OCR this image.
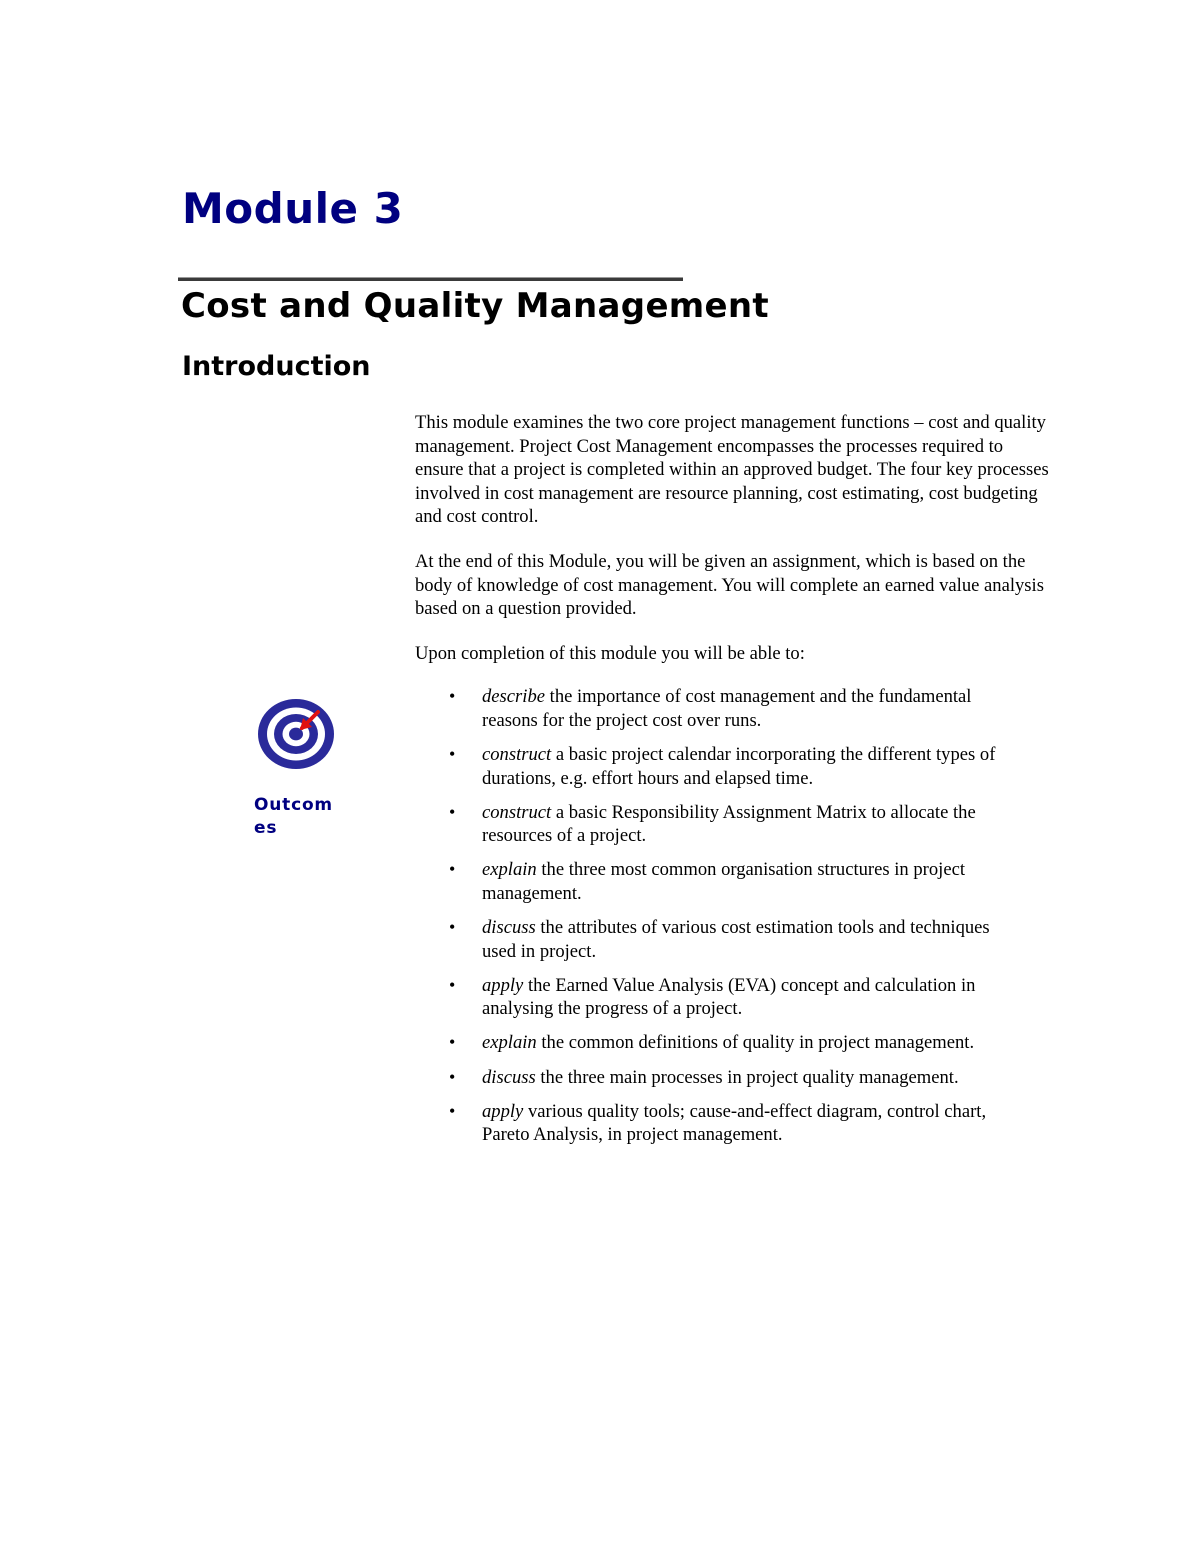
Module 3
Cost and Quality Management
Introduction
Outcomes

This module examines the two core project management functions – cost and quality management. Project Cost Management encompasses the processes required to ensure that a project is completed within an approved budget. The four key processes involved in cost management are resource planning, cost estimating, cost budgeting and cost control.

At the end of this Module, you will be given an assignment, which is based on the body of knowledge of cost management. You will complete an earned value analysis based on a question provided.

Upon completion of this module you will be able to:

• describe the importance of cost management and the fundamental reasons for the project cost over runs.
• construct a basic project calendar incorporating the different types of durations, e.g. effort hours and elapsed time.
• construct a basic Responsibility Assignment Matrix to allocate the resources of a project.
• explain the three most common organisation structures in project management.
• discuss the attributes of various cost estimation tools and techniques used in project.
• apply the Earned Value Analysis (EVA) concept and calculation in analysing the progress of a project.
• explain the common definitions of quality in project management.
• discuss the three main processes in project quality management.
• apply various quality tools; cause-and-effect diagram, control chart, Pareto Analysis, in project management.
